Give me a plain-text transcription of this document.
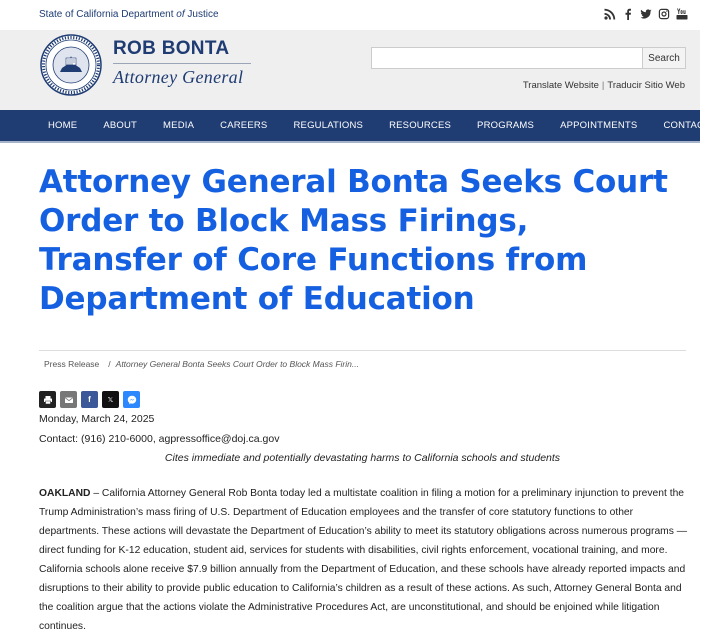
State of California Department of Justice
ROB BONTA
Attorney General
Search
Translate Website | Traducir Sitio Web
HOME	ABOUT	MEDIA	CAREERS	REGULATIONS	RESOURCES	PROGRAMS	APPOINTMENTS	CONTACT
Attorney General Bonta Seeks Court Order to Block Mass Firings, Transfer of Core Functions from Department of Education
Press Release / Attorney General Bonta Seeks Court Order to Block Mass Firin...
f	𝕏
Monday, March 24, 2025
Contact: (916) 210-6000, agpressoffice@doj.ca.gov
Cites immediate and potentially devastating harms to California schools and students

OAKLAND – California Attorney General Rob Bonta today led a multistate coalition in filing a motion for a preliminary injunction to prevent the Trump Administration’s mass firing of U.S. Department of Education employees and the transfer of core statutory functions to other departments. These actions will devastate the Department of Education’s ability to meet its statutory obligations across numerous programs — direct funding for K-12 education, student aid, services for students with disabilities, civil rights enforcement, vocational training, and more. California schools alone receive $7.9 billion annually from the Department of Education, and these schools have already reported impacts and disruptions to their ability to provide public education to California’s children as a result of these actions. As such, Attorney General Bonta and the coalition argue that the actions violate the Administrative Procedures Act, are unconstitutional, and should be enjoined while litigation continues.
